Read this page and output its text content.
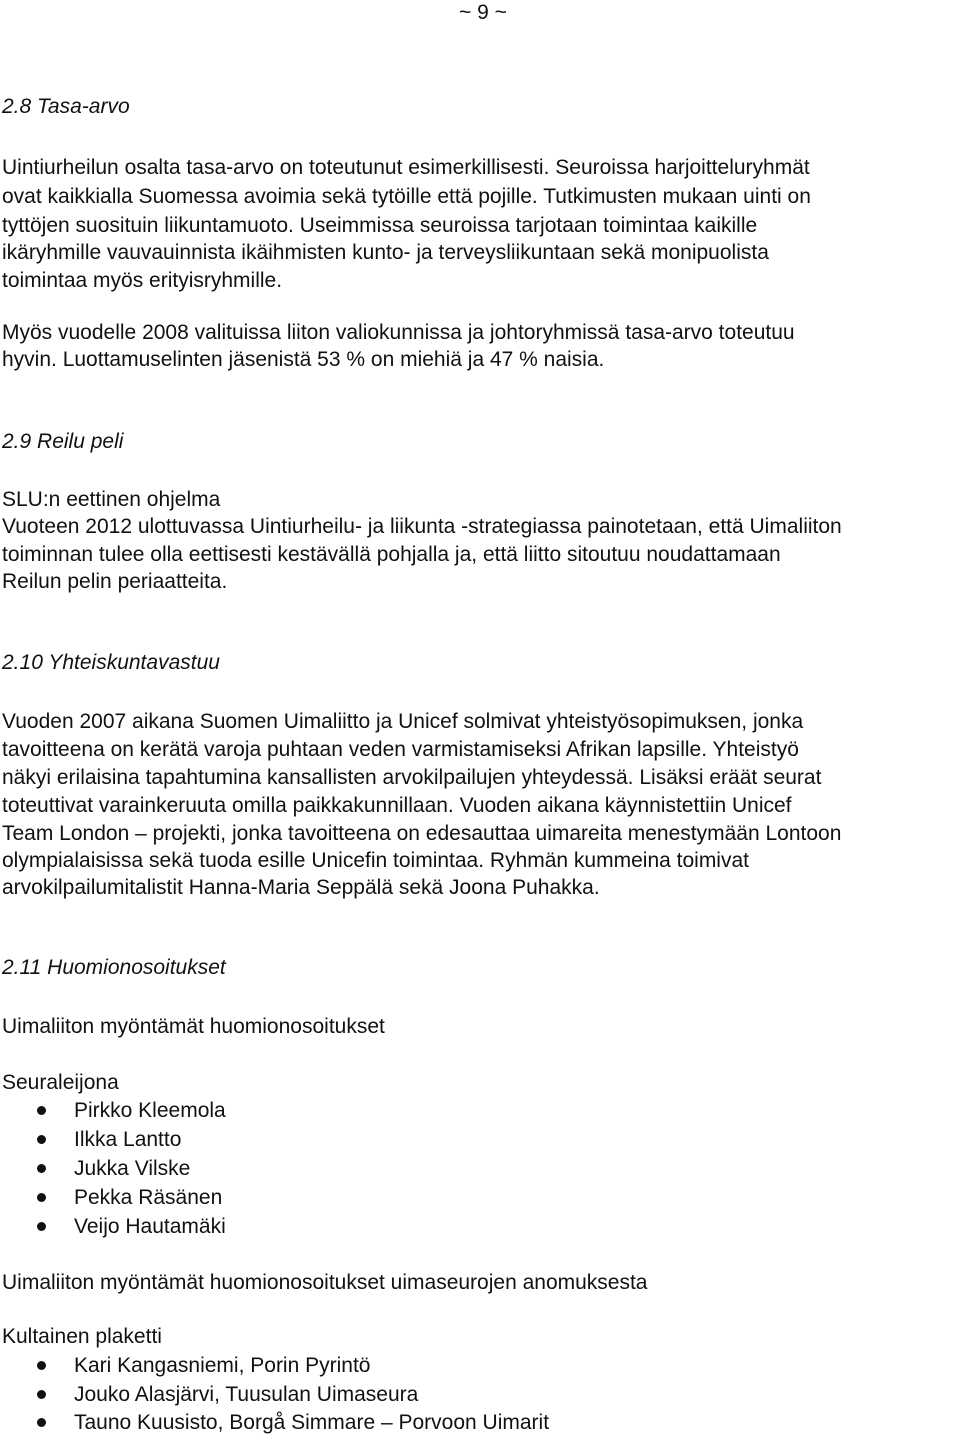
~ 9 ~

2.8 Tasa-arvo

Uintiurheilun osalta tasa-arvo on toteutunut esimerkillisesti. Seuroissa harjoitteluryhmät

ovat kaikkialla Suomessa avoimia sekä tytöille että pojille. Tutkimusten mukaan uinti on

tyttöjen suosituin liikuntamuoto. Useimmissa seuroissa tarjotaan toimintaa kaikille

ikäryhmille vauvauinnista ikäihmisten kunto- ja terveysliikuntaan sekä monipuolista

toimintaa myös erityisryhmille.

Myös vuodelle 2008 valituissa liiton valiokunnissa ja johtoryhmissä tasa-arvo toteutuu

hyvin. Luottamuselinten jäsenistä 53 % on miehiä ja 47 % naisia.

2.9 Reilu peli

SLU:n eettinen ohjelma

Vuoteen 2012 ulottuvassa Uintiurheilu- ja liikunta -strategiassa painotetaan, että Uimaliiton

toiminnan tulee olla eettisesti kestävällä pohjalla ja, että liitto sitoutuu noudattamaan

Reilun pelin periaatteita.

2.10 Yhteiskuntavastuu

Vuoden 2007 aikana Suomen Uimaliitto ja Unicef solmivat yhteistyösopimuksen, jonka

tavoitteena on kerätä varoja puhtaan veden varmistamiseksi Afrikan lapsille. Yhteistyö

näkyi erilaisina tapahtumina kansallisten arvokilpailujen yhteydessä. Lisäksi eräät seurat

toteuttivat varainkeruuta omilla paikkakunnillaan. Vuoden aikana käynnistettiin Unicef

Team London – projekti, jonka tavoitteena on edesauttaa uimareita menestymään Lontoon

olympialaisissa sekä tuoda esille Unicefin toimintaa. Ryhmän kummeina toimivat

arvokilpailumitalistit Hanna-Maria Seppälä sekä Joona Puhakka.

2.11 Huomionosoitukset

Uimaliiton myöntämät huomionosoitukset

Seuraleijona

Pirkko Kleemola

Ilkka Lantto

Jukka Vilske

Pekka Räsänen

Veijo Hautamäki

Uimaliiton myöntämät huomionosoitukset uimaseurojen anomuksesta

Kultainen plaketti

Kari Kangasniemi, Porin Pyrintö

Jouko Alasjärvi, Tuusulan Uimaseura

Tauno Kuusisto, Borgå Simmare – Porvoon Uimarit
